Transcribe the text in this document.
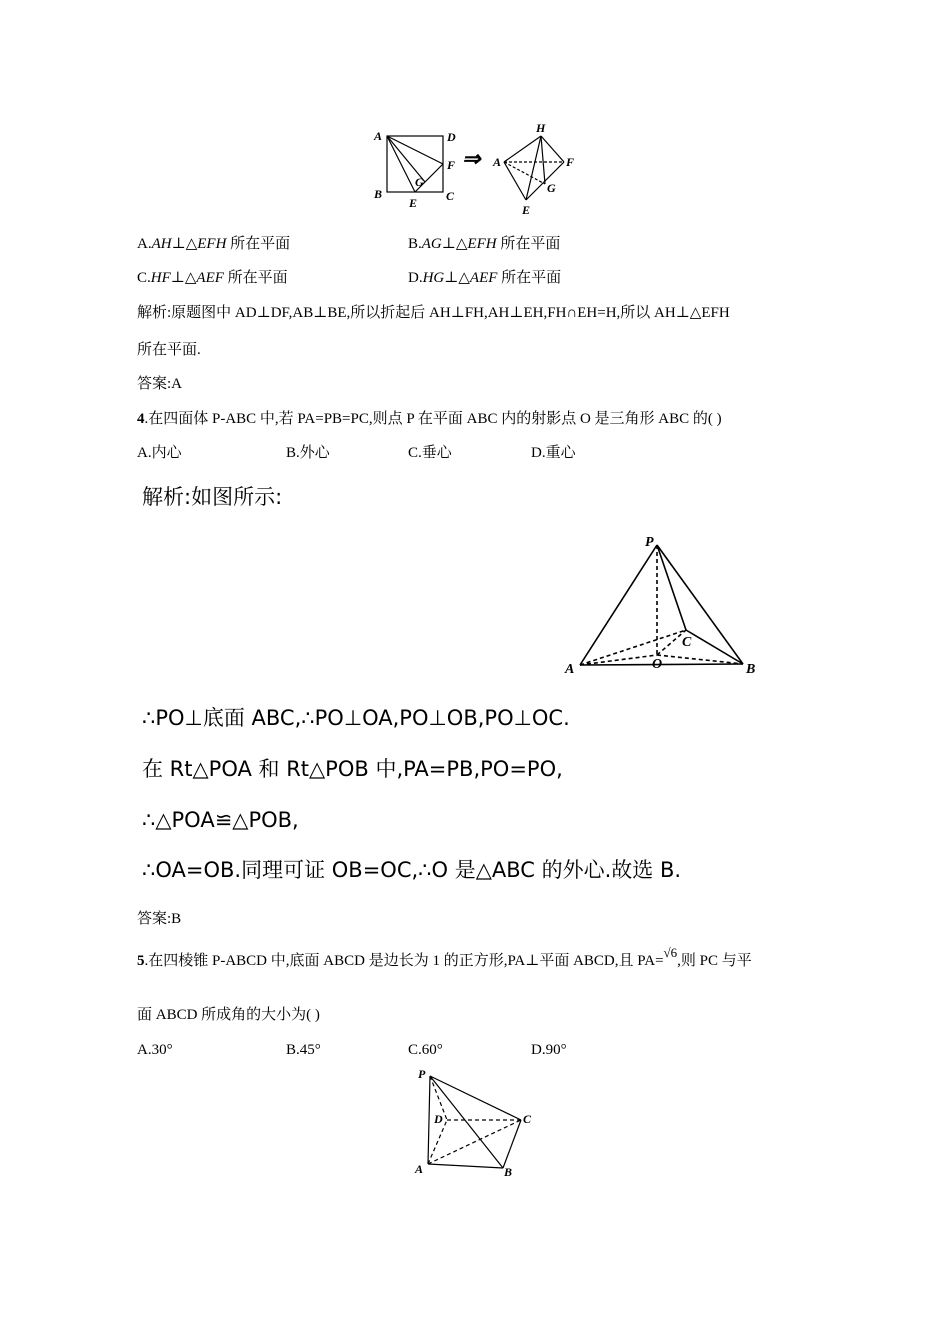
A	D
F
G
B
E C
⇒
H
A	F
G
E
A.AH⊥△EFH 所在平面	B.AG⊥△EFH 所在平面
C.HF⊥△AEF 所在平面	D.HG⊥△AEF 所在平面
解析:原题图中 AD⊥DF,AB⊥BE,所以折起后 AH⊥FH,AH⊥EH,FH∩EH=H,所以 AH⊥△EFH
所在平面.
答案:A
4.在四面体 P-ABC 中,若 PA=PB=PC,则点 P 在平面 ABC 内的射影点 O 是三角形 ABC 的( )
A.内心	B.外心	C.垂心	D.重心
解析:如图所示:
P
C
O
A	B
∴PO⊥底面 ABC,∴PO⊥OA,PO⊥OB,PO⊥OC.
在 Rt△POA 和 Rt△POB 中,PA=PB,PO=PO,
∴△POA≌△POB,
∴OA=OB.同理可证 OB=OC,∴O 是△ABC 的外心.故选 B.
答案:B
5.在四棱锥 P-ABCD 中,底面 ABCD 是边长为 1 的正方形,PA⊥平面 ABCD,且 PA=√6,则 PC 与平
面 ABCD 所成角的大小为( )
A.30°	B.45°	C.60°	D.90°
P
D	C
A	B
